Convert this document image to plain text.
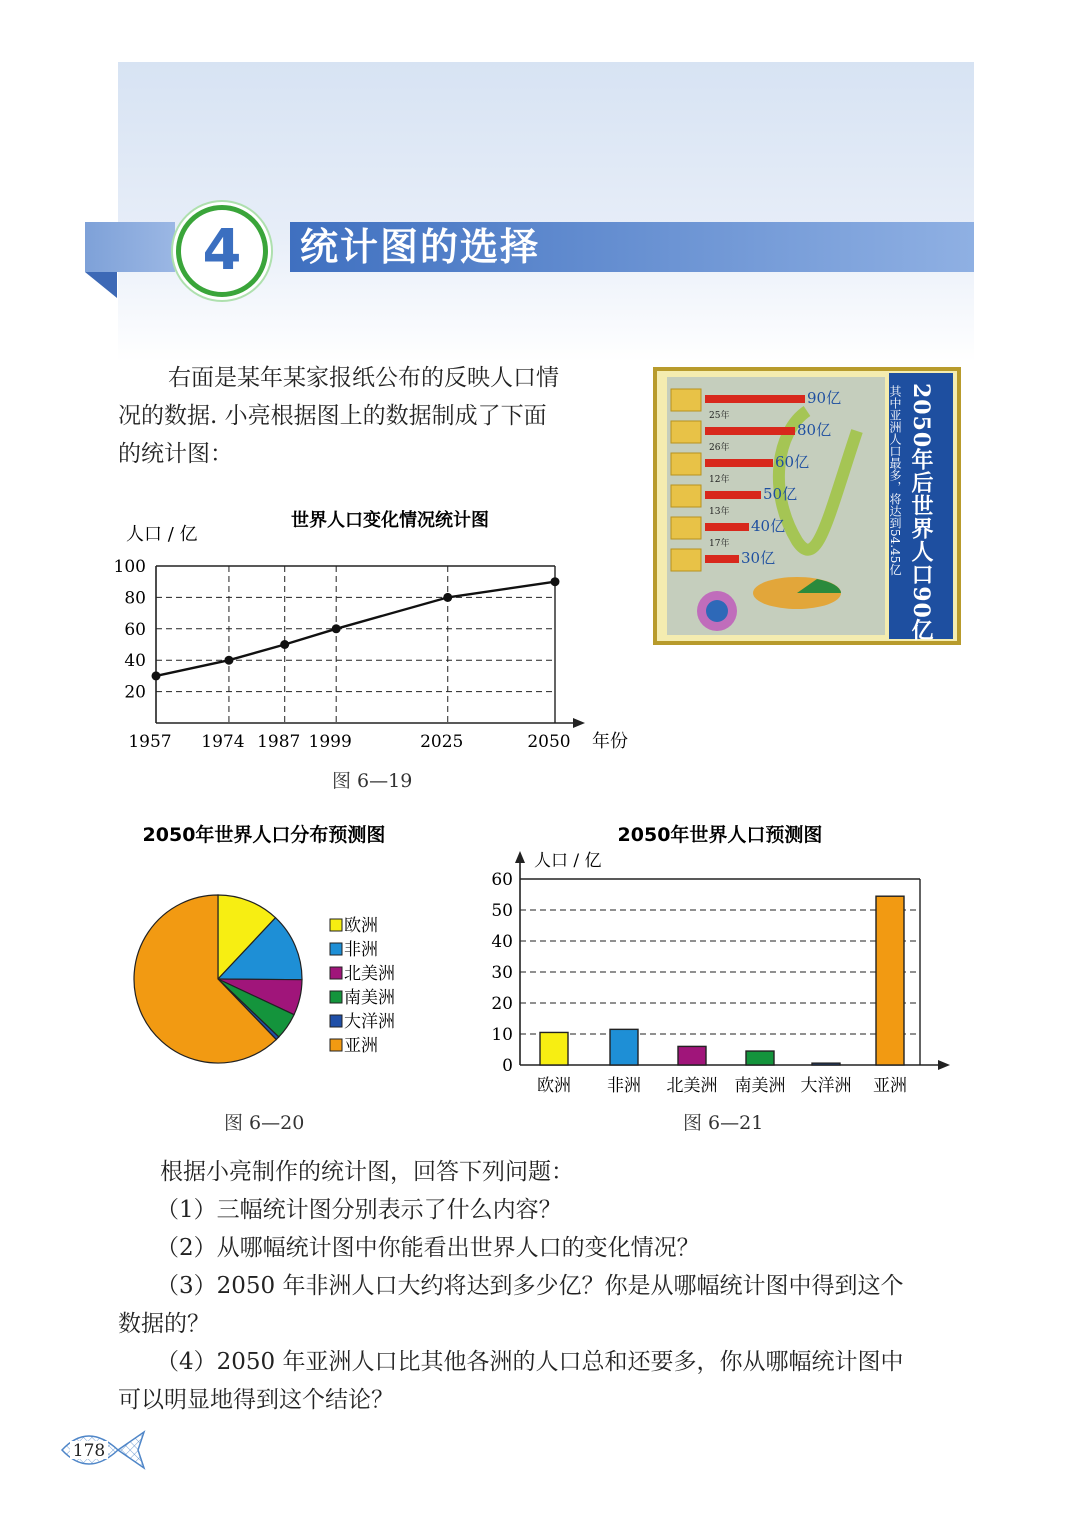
4	统计图的选择

右面是某年某家报纸公布的反映人口情

况的数据. 小亮根据图上的数据制成了下面

的统计图：

90亿
80亿
60亿
50亿
40亿
30亿
25年
26年
12年
13年
17年	2050年后世界人口90亿
其中亚洲人口最多，将达到54.45亿
世界人口变化情况统计图
人口 / 亿
20
40
60
80
100
1957 1974 1987 1999	2025	2050 年份
图 6—19
2050年世界人口分布预测图
欧洲
非洲
北美洲
南美洲
大洋洲
亚洲
图 6—20
2050年世界人口预测图
人口 / 亿
0
10
20
30
40
50
60
欧洲 非洲 北美洲 南美洲 大洋洲 亚洲
图 6—21

根据小亮制作的统计图，回答下列问题：

（1）三幅统计图分别表示了什么内容？

（2）从哪幅统计图中你能看出世界人口的变化情况？

（3）2050 年非洲人口大约将达到多少亿？你是从哪幅统计图中得到这个

数据的？

（4）2050 年亚洲人口比其他各洲的人口总和还要多，你从哪幅统计图中

可以明显地得到这个结论？

178
